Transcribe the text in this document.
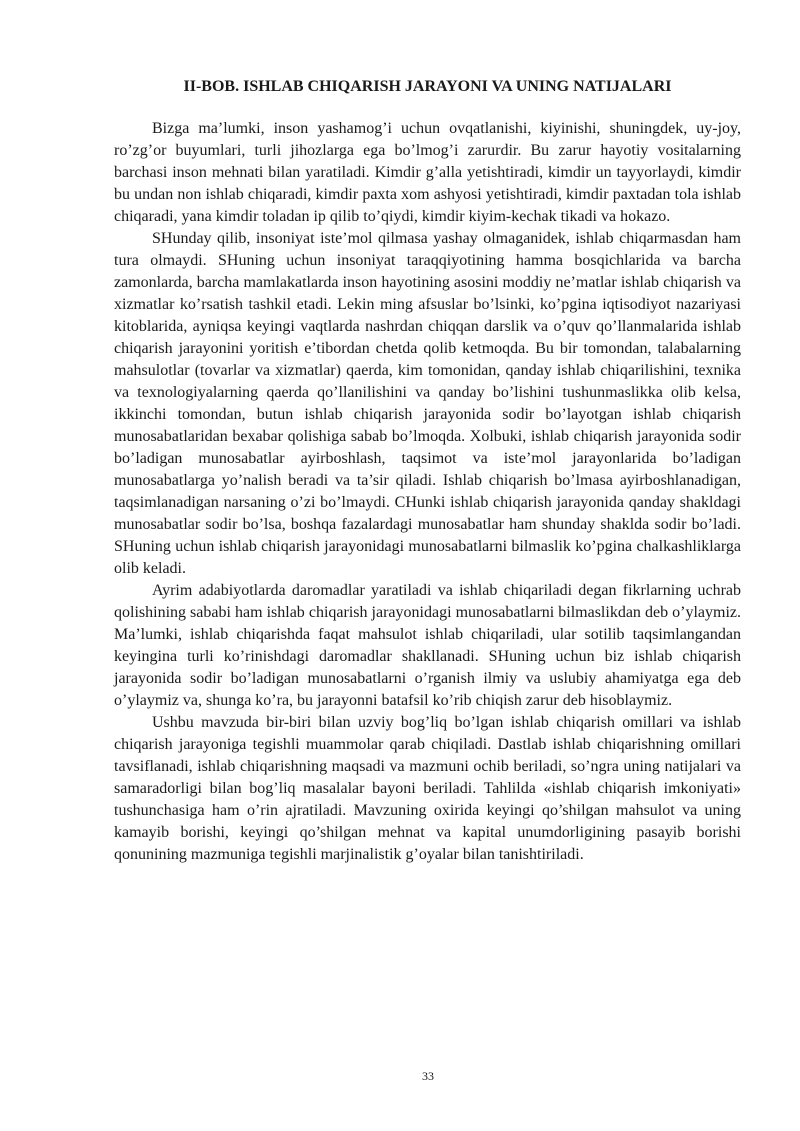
II-BOB. ISHLAB CHIQARISH JARAYONI VA UNING NATIJALARI

Bizga ma’lumki, inson yashamog’i uchun ovqatlanishi, kiyinishi, shuningdek, uy-joy, ro’zg’or buyumlari, turli jihozlarga ega bo’lmog’i zarurdir. Bu zarur hayotiy vositalarning barchasi inson mehnati bilan yaratiladi. Kimdir g’alla yetishtiradi, kimdir un tayyorlaydi, kimdir bu undan non ishlab chiqaradi, kimdir paxta xom ashyosi yetishtiradi, kimdir paxtadan tola ishlab chiqaradi, yana kimdir toladan ip qilib to’qiydi, kimdir kiyim-kechak tikadi va hokazo.

SHunday qilib, insoniyat iste’mol qilmasa yashay olmaganidek, ishlab chiqarmasdan ham tura olmaydi. SHuning uchun insoniyat taraqqiyotining hamma bosqichlarida va barcha zamonlarda, barcha mamlakatlarda inson hayotining asosini moddiy ne’matlar ishlab chiqarish va xizmatlar ko’rsatish tashkil etadi. Lekin ming afsuslar bo’lsinki, ko’pgina iqtisodiyot nazariyasi kitoblarida, ayniqsa keyingi vaqtlarda nashrdan chiqqan darslik va o’quv qo’llanmalarida ishlab chiqarish jarayonini yoritish e’tibordan chetda qolib ketmoqda. Bu bir tomondan, talabalarning mahsulotlar (tovarlar va xizmatlar) qaerda, kim tomonidan, qanday ishlab chiqarilishini, texnika va texnologiyalarning qaerda qo’llanilishini va qanday bo’lishini tushunmaslikka olib kelsa, ikkinchi tomondan, butun ishlab chiqarish jarayonida sodir bo’layotgan ishlab chiqarish munosabatlaridan bexabar qolishiga sabab bo’lmoqda. Xolbuki, ishlab chiqarish jarayonida sodir bo’ladigan munosabatlar ayirboshlash, taqsimot va iste’mol jarayonlarida bo’ladigan munosabatlarga yo’nalish beradi va ta’sir qiladi. Ishlab chiqarish bo’lmasa ayirboshlanadigan, taqsimlanadigan narsaning o’zi bo’lmaydi. CHunki ishlab chiqarish jarayonida qanday shakldagi munosabatlar sodir bo’lsa, boshqa fazalardagi munosabatlar ham shunday shaklda sodir bo’ladi. SHuning uchun ishlab chiqarish jarayonidagi munosabatlarni bilmaslik ko’pgina chalkashliklarga olib keladi.

Ayrim adabiyotlarda daromadlar yaratiladi va ishlab chiqariladi degan fikrlarning uchrab qolishining sababi ham ishlab chiqarish jarayonidagi munosabatlarni bilmaslikdan deb o’ylaymiz. Ma’lumki, ishlab chiqarishda faqat mahsulot ishlab chiqariladi, ular sotilib taqsimlangandan keyingina turli ko’rinishdagi daromadlar shakllanadi. SHuning uchun biz ishlab chiqarish jarayonida sodir bo’ladigan munosabatlarni o’rganish ilmiy va uslubiy ahamiyatga ega deb o’ylaymiz va, shunga ko’ra, bu jarayonni batafsil ko’rib chiqish zarur deb hisoblaymiz.

Ushbu mavzuda bir-biri bilan uzviy bog’liq bo’lgan ishlab chiqarish omillari va ishlab chiqarish jarayoniga tegishli muammolar qarab chiqiladi. Dastlab ishlab chiqarishning omillari tavsiflanadi, ishlab chiqarishning maqsadi va mazmuni ochib beriladi, so’ngra uning natijalari va samaradorligi bilan bog’liq masalalar bayoni beriladi. Tahlilda «ishlab chiqarish imkoniyati» tushunchasiga ham o’rin ajratiladi. Mavzuning oxirida keyingi qo’shilgan mahsulot va uning kamayib borishi, keyingi qo’shilgan mehnat va kapital unumdorligining pasayib borishi qonunining mazmuniga tegishli marjinalistik g’oyalar bilan tanishtiriladi.

33
